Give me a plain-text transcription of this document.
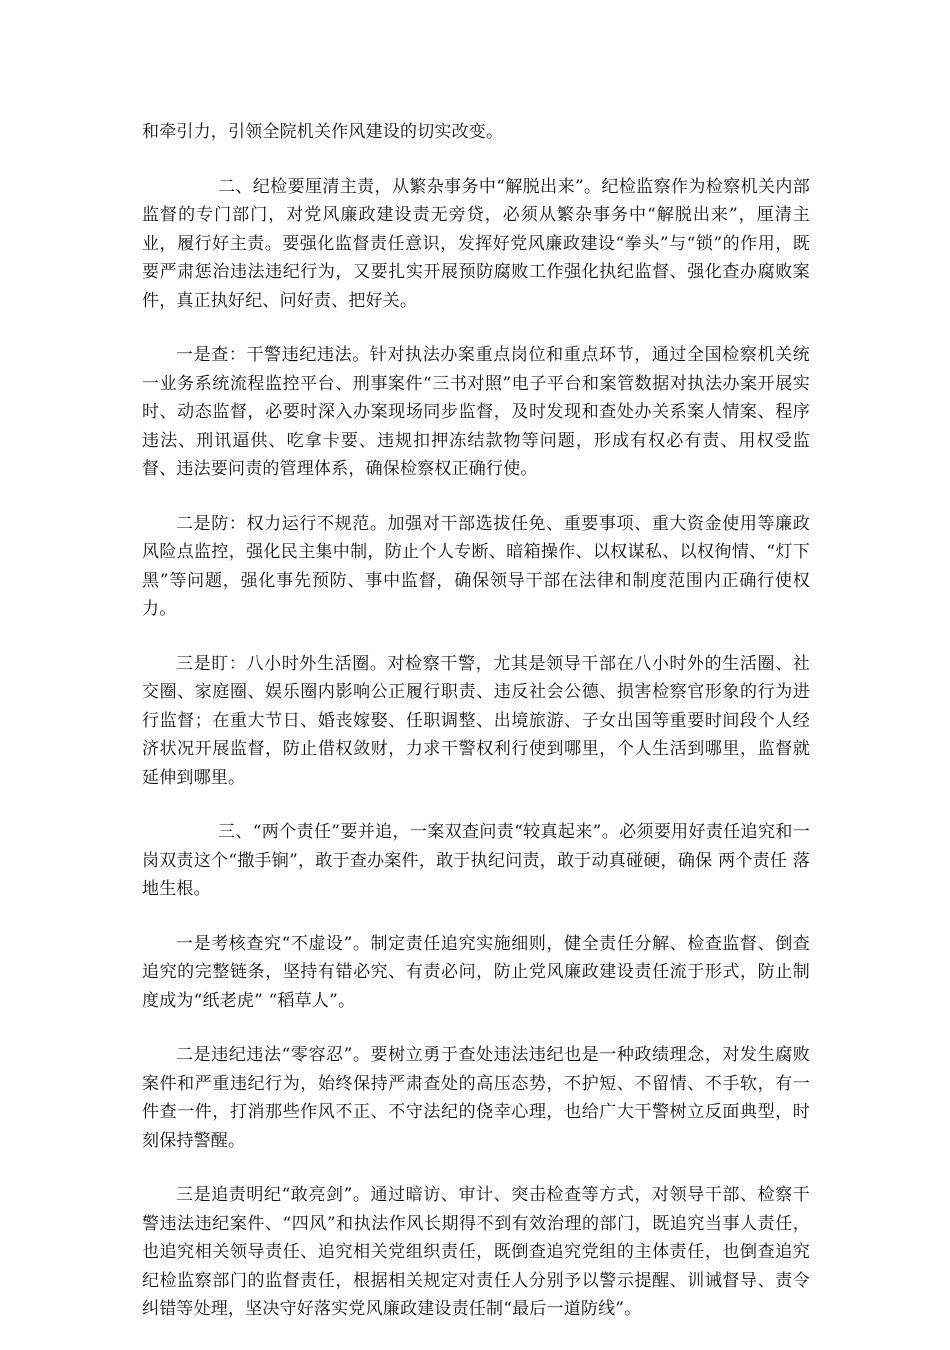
和牵引力，引领全院机关作风建设的切实改变。

二、纪检要厘清主责，从繁杂事务中“解脱出来”。纪检监察作为检察机关内部监督的专门部门，对党风廉政建设责无旁贷，必须从繁杂事务中“解脱出来”，厘清主业，履行好主责。要强化监督责任意识，发挥好党风廉政建设“拳头”与“锁”的作用，既要严肃惩治违法违纪行为，又要扎实开展预防腐败工作强化执纪监督、强化查办腐败案件，真正执好纪、问好责、把好关。

一是查：干警违纪违法。针对执法办案重点岗位和重点环节，通过全国检察机关统一业务系统流程监控平台、刑事案件“三书对照”电子平台和案管数据对执法办案开展实时、动态监督，必要时深入办案现场同步监督，及时发现和查处办关系案人情案、程序违法、刑讯逼供、吃拿卡要、违规扣押冻结款物等问题，形成有权必有责、用权受监督、违法要问责的管理体系，确保检察权正确行使。

二是防：权力运行不规范。加强对干部选拔任免、重要事项、重大资金使用等廉政风险点监控，强化民主集中制，防止个人专断、暗箱操作、以权谋私、以权徇情、“灯下黑”等问题，强化事先预防、事中监督，确保领导干部在法律和制度范围内正确行使权力。

三是盯：八小时外生活圈。对检察干警，尤其是领导干部在八小时外的生活圈、社交圈、家庭圈、娱乐圈内影响公正履行职责、违反社会公德、损害检察官形象的行为进行监督；在重大节日、婚丧嫁娶、任职调整、出境旅游、子女出国等重要时间段个人经济状况开展监督，防止借权敛财，力求干警权利行使到哪里，个人生活到哪里，监督就延伸到哪里。

三、“两个责任”要并追，一案双查问责“较真起来”。必须要用好责任追究和一岗双责这个“撒手锏”，敢于查办案件，敢于执纪问责，敢于动真碰硬，确保 两个责任 落地生根。

一是考核查究“不虚设”。制定责任追究实施细则，健全责任分解、检查监督、倒查追究的完整链条，坚持有错必究、有责必问，防止党风廉政建设责任流于形式，防止制度成为“纸老虎” “稻草人”。

二是违纪违法“零容忍”。要树立勇于查处违法违纪也是一种政绩理念，对发生腐败案件和严重违纪行为，始终保持严肃查处的高压态势，不护短、不留情、不手软，有一件查一件，打消那些作风不正、不守法纪的侥幸心理，也给广大干警树立反面典型，时刻保持警醒。

三是追责明纪“敢亮剑”。通过暗访、审计、突击检查等方式，对领导干部、检察干警违法违纪案件、“四风”和执法作风长期得不到有效治理的部门，既追究当事人责任，也追究相关领导责任、追究相关党组织责任，既倒查追究党组的主体责任，也倒查追究纪检监察部门的监督责任，根据相关规定对责任人分别予以警示提醒、训诫督导、责令纠错等处理，坚决守好落实党风廉政建设责任制“最后一道防线”。
